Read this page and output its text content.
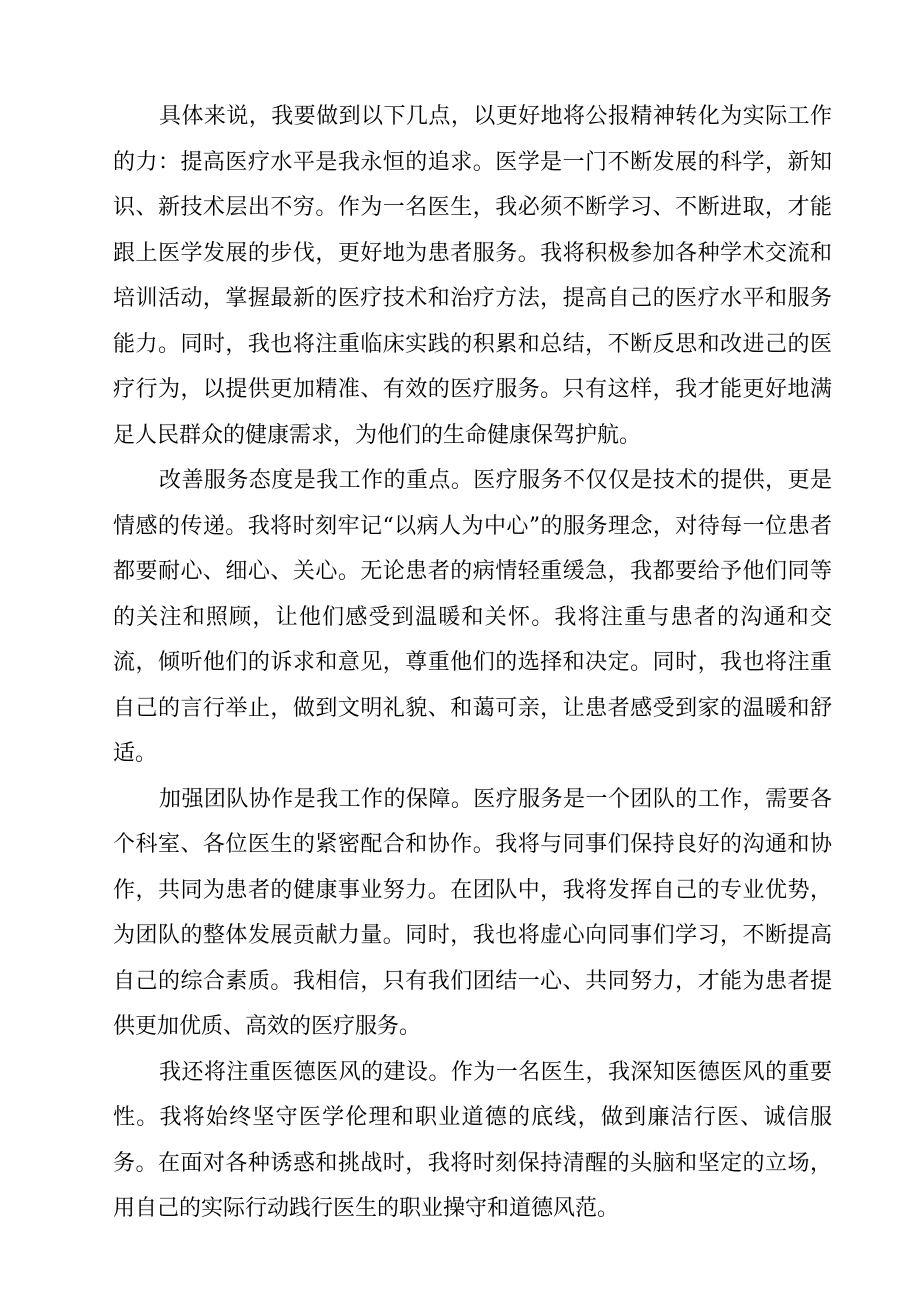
具体来说，我要做到以下几点，以更好地将公报精神转化为实际工作的力：提高医疗水平是我永恒的追求。医学是一门不断发展的科学，新知识、新技术层出不穷。作为一名医生，我必须不断学习、不断进取，才能跟上医学发展的步伐，更好地为患者服务。我将积极参加各种学术交流和培训活动，掌握最新的医疗技术和治疗方法，提高自己的医疗水平和服务能力。同时，我也将注重临床实践的积累和总结，不断反思和改进己的医疗行为，以提供更加精准、有效的医疗服务。只有这样，我才能更好地满足人民群众的健康需求，为他们的生命健康保驾护航。

改善服务态度是我工作的重点。医疗服务不仅仅是技术的提供，更是情感的传递。我将时刻牢记“以病人为中心”的服务理念，对待每一位患者都要耐心、细心、关心。无论患者的病情轻重缓急，我都要给予他们同等的关注和照顾，让他们感受到温暖和关怀。我将注重与患者的沟通和交流，倾听他们的诉求和意见，尊重他们的选择和决定。同时，我也将注重自己的言行举止，做到文明礼貌、和蔼可亲，让患者感受到家的温暖和舒适。

加强团队协作是我工作的保障。医疗服务是一个团队的工作，需要各个科室、各位医生的紧密配合和协作。我将与同事们保持良好的沟通和协作，共同为患者的健康事业努力。在团队中，我将发挥自己的专业优势，为团队的整体发展贡献力量。同时，我也将虚心向同事们学习，不断提高自己的综合素质。我相信，只有我们团结一心、共同努力，才能为患者提供更加优质、高效的医疗服务。

我还将注重医德医风的建设。作为一名医生，我深知医德医风的重要性。我将始终坚守医学伦理和职业道德的底线，做到廉洁行医、诚信服务。在面对各种诱惑和挑战时，我将时刻保持清醒的头脑和坚定的立场，用自己的实际行动践行医生的职业操守和道德风范。
